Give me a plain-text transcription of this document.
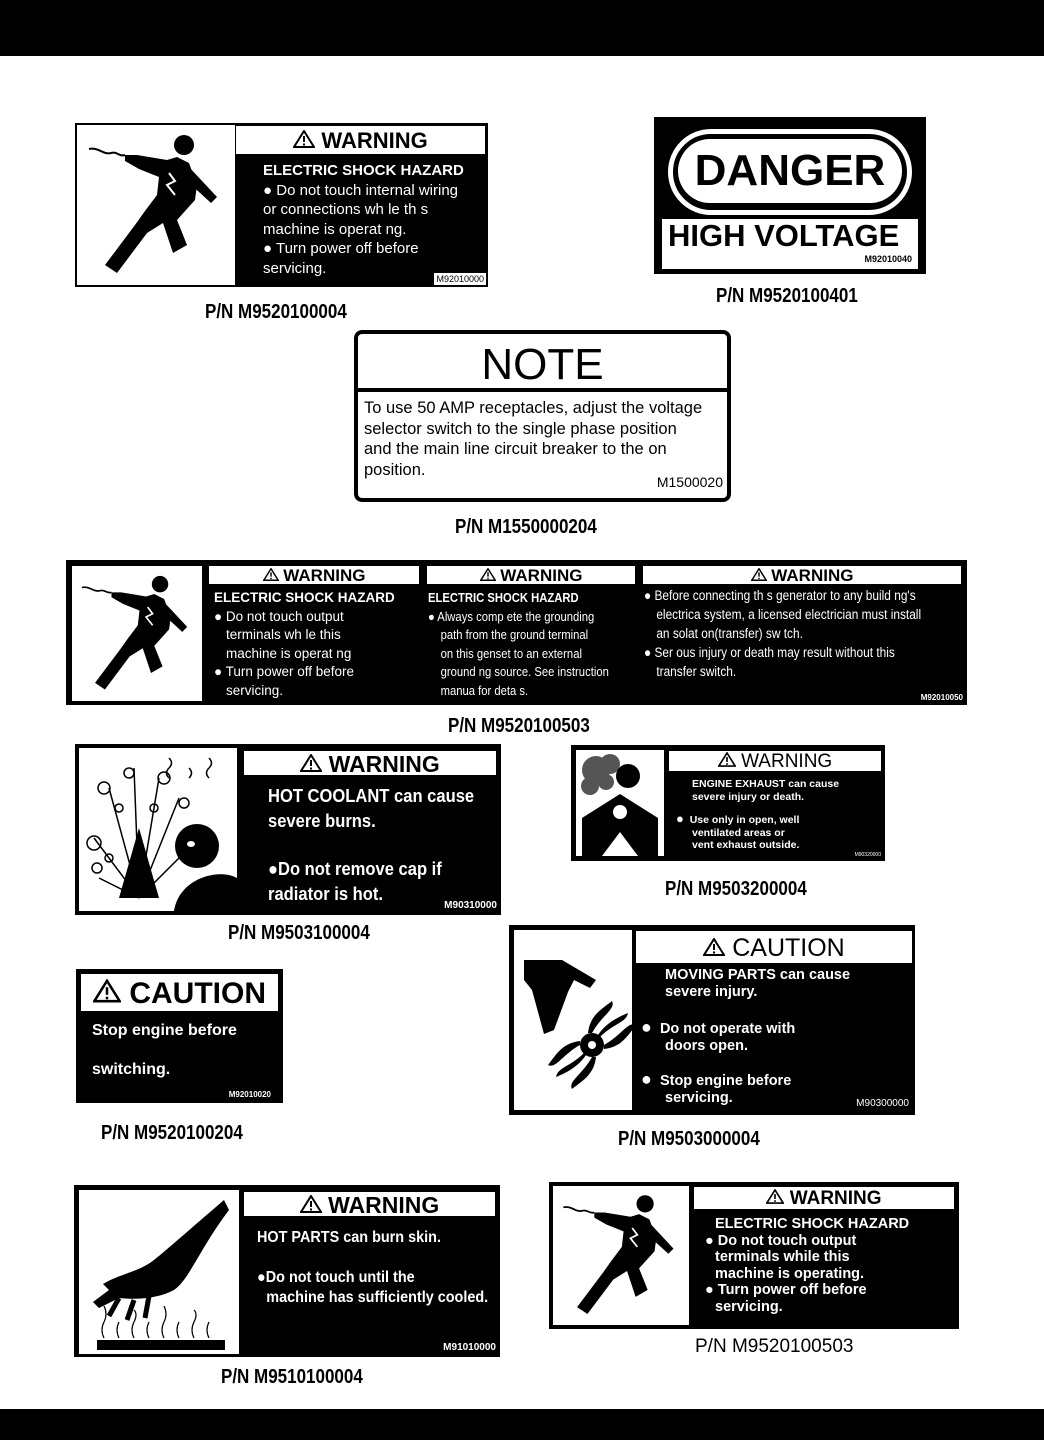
WARNING
ELECTRIC SHOCK HAZARD
● Do not touch internal wiring
or connections wh le th s
machine is operat ng.
● Turn power off before
servicing.
M92010000
P/N M9520100004
DANGER
HIGH VOLTAGE
M92010040
P/N M9520100401
NOTE
To use 50 AMP receptacles, adjust the voltage
selector switch to the single phase position
and the main line circuit breaker to the on
position.
M1500020
P/N M1550000204
WARNING
ELECTRIC SHOCK HAZARD
● Do not touch output
terminals wh le this
machine is operat ng
● Turn power off before
servicing.
WARNING
ELECTRIC SHOCK HAZARD
● Always comp ete the grounding
path from the ground terminal
on this genset to an external
ground ng source. See instruction
manua for deta s.
WARNING
● Before connecting th s generator to any build ng's
electrica system, a licensed electrician must install
an solat on(transfer) sw tch.
● Ser ous injury or death may result without this
transfer switch.
M92010050
P/N M9520100503
WARNING
HOT COOLANT can cause
severe burns.
●Do not remove cap if
radiator is hot.
M90310000
P/N M9503100004
WARNING
ENGINE EXHAUST can cause
severe injury or death.
● Use only in open, well
ventilated areas or
vent exhaust outside.
M90320000
P/N M9503200004
CAUTION
Stop engine before
switching.
M92010020
P/N M9520100204
CAUTION
MOVING PARTS can cause
severe injury.
● Do not operate with
doors open.
● Stop engine before
servicing.	M90300000
P/N M9503000004
WARNING
HOT PARTS can burn skin.
●Do not touch until the
machine has sufficiently cooled.
M91010000
P/N M9510100004
WARNING
ELECTRIC SHOCK HAZARD
● Do not touch output
terminals while this
machine is operating.
● Turn power off before
servicing.
P/N M9520100503
